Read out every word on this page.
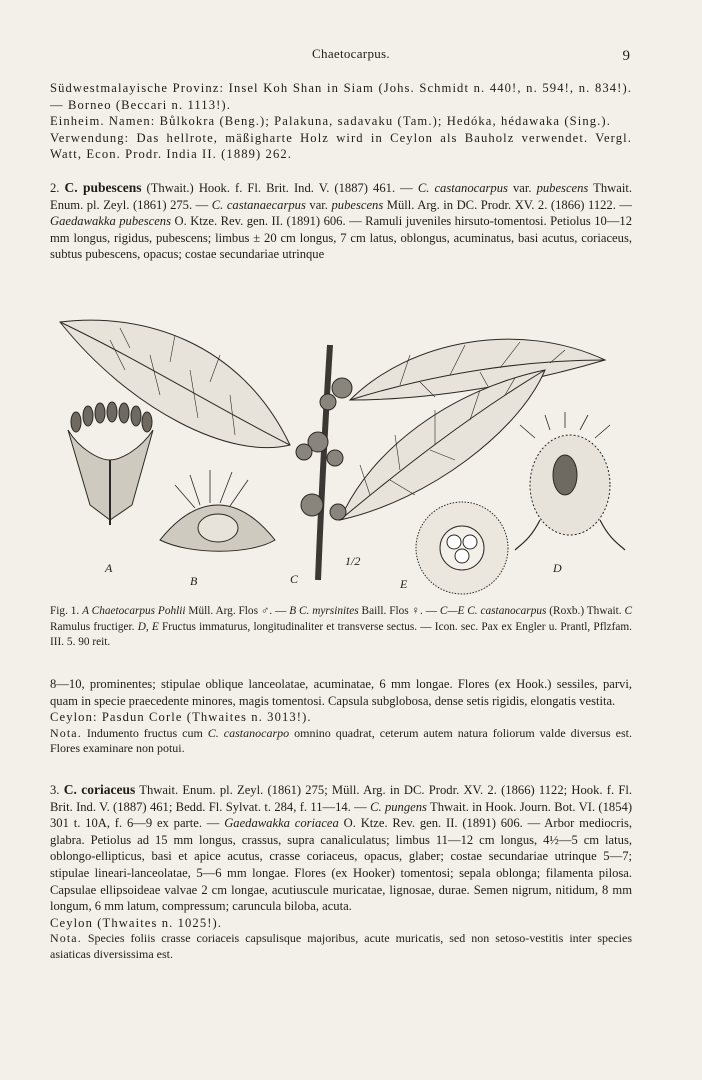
Chaetocarpus.	9

Südwestmalayische Provinz: Insel Koh Shan in Siam (Johs. Schmidt n. 440!, n. 594!, n. 834!). — Borneo (Beccari n. 1113!).

Einheim. Namen: Bůlkokra (Beng.); Palakuna, sadavaku (Tam.); Hedóka, hédawaka (Sing.).

Verwendung: Das hellrote, mäßigharte Holz wird in Ceylon als Bauholz verwendet. Vergl. Watt, Econ. Prodr. India II. (1889) 262.

2. C. pubescens (Thwait.) Hook. f. Fl. Brit. Ind. V. (1887) 461. — C. castanocarpus var. pubescens Thwait. Enum. pl. Zeyl. (1861) 275. — C. castanaecarpus var. pubescens Müll. Arg. in DC. Prodr. XV. 2. (1866) 1122. — Gaedawakka pubescens O. Ktze. Rev. gen. II. (1891) 606. — Ramuli juveniles hirsuto-tomentosi. Petiolus 10—12 mm longus, rigidus, pubescens; limbus ± 20 cm longus, 7 cm latus, oblongus, acuminatus, basi acutus, coriaceus, subtus pubescens, opacus; costae secundariae utrinque

A
B	C
1/2
E
D
Fig. 1. A Chaetocarpus Pohlii Müll. Arg. Flos ♂. — B C. myrsinites Baill. Flos ♀. — C—E C. castanocarpus (Roxb.) Thwait. C Ramulus fructiger. D, E Fructus immaturus, longitudinaliter et transverse sectus. — Icon. sec. Pax ex Engler u. Prantl, Pflzfam. III. 5. 90 reit.

8—10, prominentes; stipulae oblique lanceolatae, acuminatae, 6 mm longae. Flores (ex Hook.) sessiles, parvi, quam in specie praecedente minores, magis tomentosi. Capsula subglobosa, dense setis rigidis, elongatis vestita.

Ceylon: Pasdun Corle (Thwaites n. 3013!).

Nota. Indumento fructus cum C. castanocarpo omnino quadrat, ceterum autem natura foliorum valde diversus est. Flores examinare non potui.

3. C. coriaceus Thwait. Enum. pl. Zeyl. (1861) 275; Müll. Arg. in DC. Prodr. XV. 2. (1866) 1122; Hook. f. Fl. Brit. Ind. V. (1887) 461; Bedd. Fl. Sylvat. t. 284, f. 11—14. — C. pungens Thwait. in Hook. Journ. Bot. VI. (1854) 301 t. 10A, f. 6—9 ex parte. — Gaedawakka coriacea O. Ktze. Rev. gen. II. (1891) 606. — Arbor mediocris, glabra. Petiolus ad 15 mm longus, crassus, supra canaliculatus; limbus 11—12 cm longus, 4½—5 cm latus, oblongo-ellipticus, basi et apice acutus, crasse coriaceus, opacus, glaber; costae secundariae utrinque 5—7; stipulae lineari-lanceolatae, 5—6 mm longae. Flores (ex Hooker) tomentosi; sepala oblonga; filamenta pilosa. Capsulae ellipsoideae valvae 2 cm longae, acutiuscule muricatae, lignosae, durae. Semen nigrum, nitidum, 8 mm longum, 6 mm latum, compressum; caruncula biloba, acuta.

Ceylon (Thwaites n. 1025!).

Nota. Species foliis crasse coriaceis capsulisque majoribus, acute muricatis, sed non setoso-vestitis inter species asiaticas diversissima est.
